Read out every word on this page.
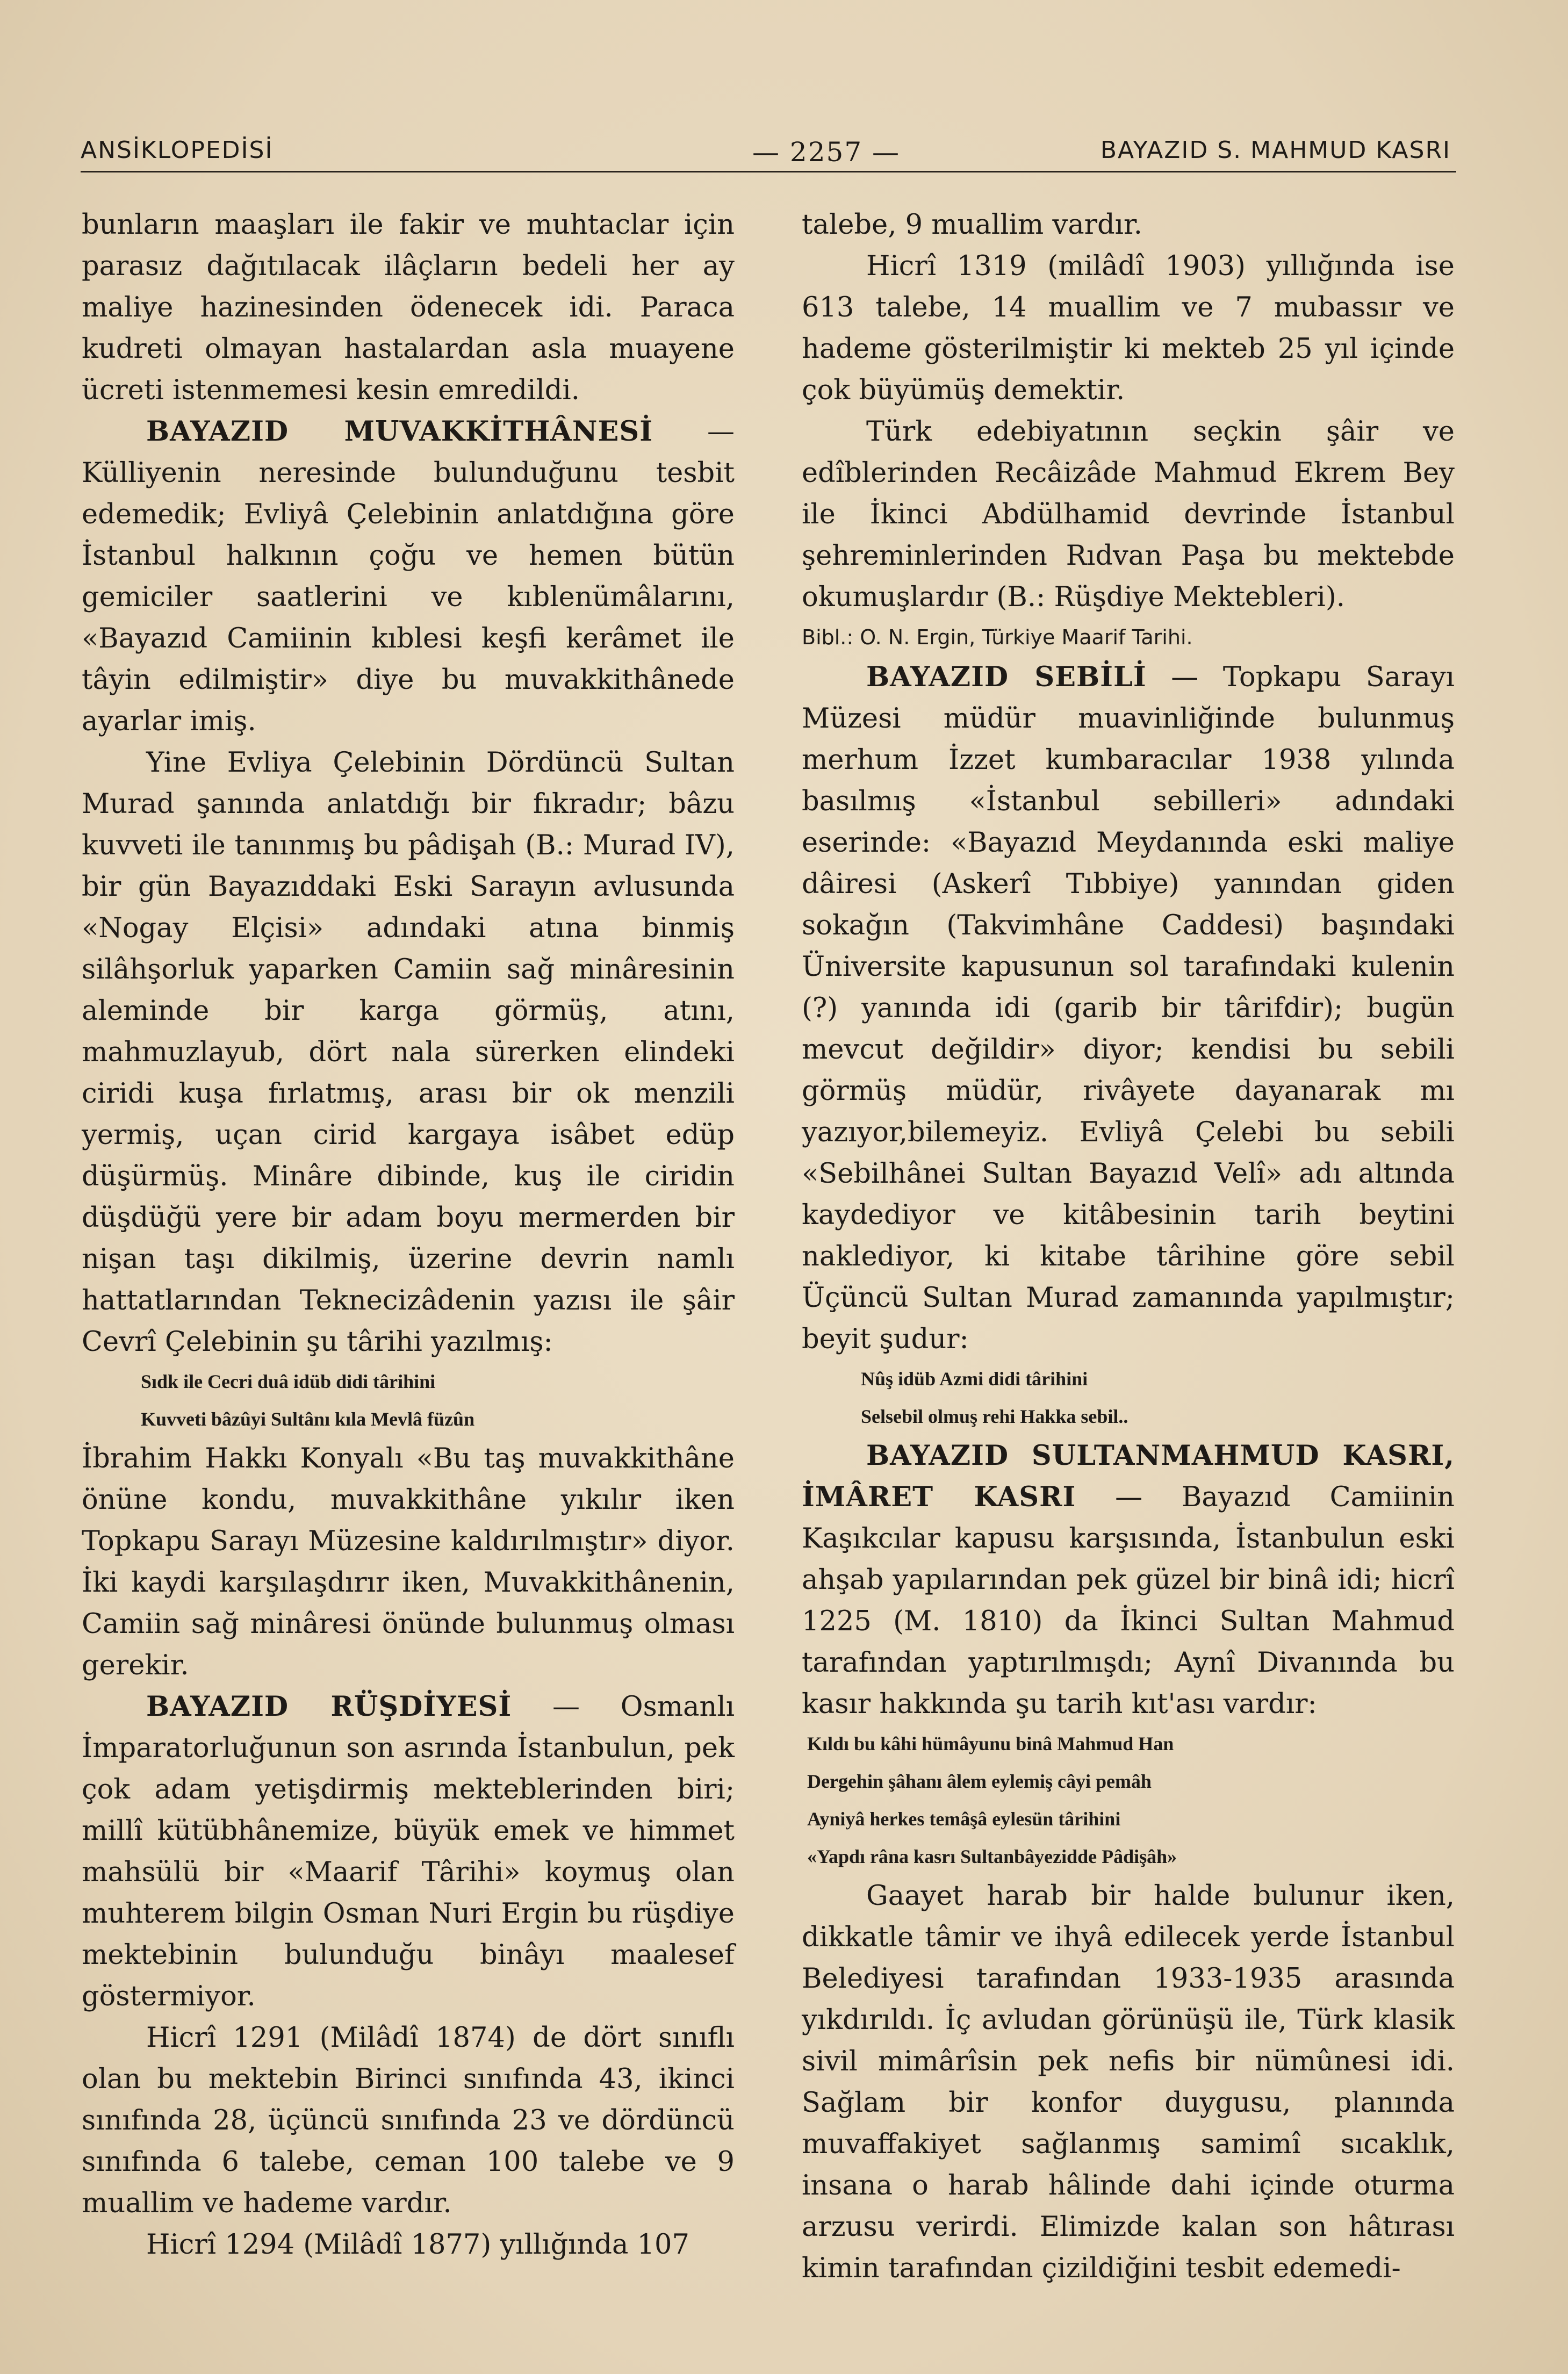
ANSİKLOPEDİSİ	— 2257 —	BAYAZID S. MAHMUD KASRI

bunların maaşları ile fakir ve muhtaclar için parasız dağıtılacak ilâçların bedeli her ay maliye hazinesinden ödenecek idi. Paraca kudreti olmayan hastalardan asla muayene ücreti istenmemesi kesin emredildi.

BAYAZID MUVAKKİTHÂNESİ — Külliyenin neresinde bulunduğunu tesbit edemedik; Evliyâ Çelebinin anlatdığına göre İstanbul halkının çoğu ve hemen bütün gemiciler saatlerini ve kıblenümâlarını, «Bayazıd Camiinin kıblesi keşfi kerâmet ile tâyin edilmiştir» diye bu muvakkithânede ayarlar imiş.

Yine Evliya Çelebinin Dördüncü Sultan Murad şanında anlatdığı bir fıkradır; bâzu kuvveti ile tanınmış bu pâdişah (B.: Murad IV), bir gün Bayazıddaki Eski Sarayın avlusunda «Nogay Elçisi» adındaki atına binmiş silâhşorluk yaparken Camiin sağ minâresinin aleminde bir karga görmüş, atını, mahmuzlayub, dört nala sürerken elindeki ciridi kuşa fırlatmış, arası bir ok menzili yermiş, uçan cirid kargaya isâbet edüp düşürmüş. Minâre dibinde, kuş ile ciridin düşdüğü yere bir adam boyu mermerden bir nişan taşı dikilmiş, üzerine devrin namlı hattatlarından Teknecizâdenin yazısı ile şâir Cevrî Çelebinin şu târihi yazılmış:

Sıdk ile Cecri duâ idüb didi târihini
Kuvveti bâzûyi Sultânı kıla Mevlâ füzûn

İbrahim Hakkı Konyalı «Bu taş muvakkithâne önüne kondu, muvakkithâne yıkılır iken Topkapu Sarayı Müzesine kaldırılmıştır» diyor. İki kaydi karşılaşdırır iken, Muvakkithânenin, Camiin sağ minâresi önünde bulunmuş olması gerekir.

BAYAZID RÜŞDİYESİ — Osmanlı İmparatorluğunun son asrında İstanbulun, pek çok adam yetişdirmiş mekteblerinden biri; millî kütübhânemize, büyük emek ve himmet mahsülü bir «Maarif Târihi» koymuş olan muhterem bilgin Osman Nuri Ergin bu rüşdiye mektebinin bulunduğu binâyı maalesef göstermiyor.

Hicrî 1291 (Milâdî 1874) de dört sınıflı olan bu mektebin Birinci sınıfında 43, ikinci sınıfında 28, üçüncü sınıfında 23 ve dördüncü sınıfında 6 talebe, ceman 100 talebe ve 9 muallim ve hademe vardır.

Hicrî 1294 (Milâdî 1877) yıllığında 107

talebe, 9 muallim vardır.

Hicrî 1319 (milâdî 1903) yıllığında ise 613 talebe, 14 muallim ve 7 mubassır ve hademe gösterilmiştir ki mekteb 25 yıl içinde çok büyümüş demektir.

Türk edebiyatının seçkin şâir ve edîblerinden Recâizâde Mahmud Ekrem Bey ile İkinci Abdülhamid devrinde İstanbul şehreminlerinden Rıdvan Paşa bu mektebde okumuşlardır (B.: Rüşdiye Mektebleri).

Bibl.: O. N. Ergin, Türkiye Maarif Tarihi.

BAYAZID SEBİLİ — Topkapu Sarayı Müzesi müdür muavinliğinde bulunmuş merhum İzzet kumbaracılar 1938 yılında basılmış «İstanbul sebilleri» adındaki eserinde: «Bayazıd Meydanında eski maliye dâiresi (Askerî Tıbbiye) yanından giden sokağın (Takvimhâne Caddesi) başındaki Üniversite kapusunun sol tarafındaki kulenin (?) yanında idi (garib bir târifdir); bugün mevcut değildir» diyor; kendisi bu sebili görmüş müdür, rivâyete dayanarak mı yazıyor,bilemeyiz. Evliyâ Çelebi bu sebili «Sebilhânei Sultan Bayazıd Velî» adı altında kaydediyor ve kitâbesinin tarih beytini naklediyor, ki kitabe târihine göre sebil Üçüncü Sultan Murad zamanında yapılmıştır; beyit şudur:

Nûş idüb Azmi didi târihini
Selsebil olmuş rehi Hakka sebil..

BAYAZID SULTANMAHMUD KASRI, İMÂRET KASRI — Bayazıd Camiinin Kaşıkcılar kapusu karşısında, İstanbulun eski ahşab yapılarından pek güzel bir binâ idi; hicrî 1225 (M. 1810) da İkinci Sultan Mahmud tarafından yaptırılmışdı; Aynî Divanında bu kasır hakkında şu tarih kıt'ası vardır:

Kıldı bu kâhi hümâyunu binâ Mahmud Han
Dergehin şâhanı âlem eylemiş câyi pemâh
Ayniyâ herkes temâşâ eylesün târihini
«Yapdı râna kasrı Sultanbâyezidde Pâdişâh»

Gaayet harab bir halde bulunur iken, dikkatle tâmir ve ihyâ edilecek yerde İstanbul Belediyesi tarafından 1933-1935 arasında yıkdırıldı. İç avludan görünüşü ile, Türk klasik sivil mimârîsin pek nefis bir nümûnesi idi. Sağlam bir konfor duygusu, planında muvaffakiyet sağlanmış samimî sıcaklık, insana o harab hâlinde dahi içinde oturma arzusu verirdi. Elimizde kalan son hâtırası kimin tarafından çizildiğini tesbit edemedi-
